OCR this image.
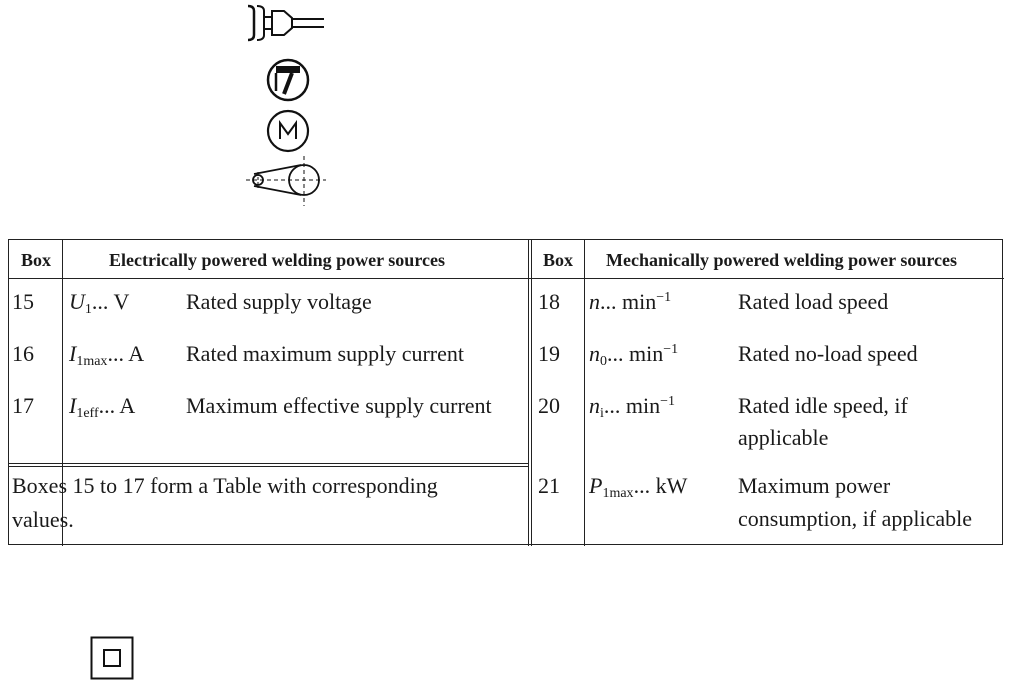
Box	Electrically powered welding power sources	Box Mechanically powered welding power sources
15 $U_1$... V	Rated supply voltage
16 $I_{1max}$... A Rated maximum supply current
17 $I_{1eff}$... A Maximum effective supply current
Boxes 15 to 17 form a Table with corresponding
values.
18 n... $\min^{-1}$	Rated load speed
19 $n_0$... $\min^{-1}$	Rated no-load speed
20 $n_i$... $\min^{-1}$	Rated idle speed, if
applicable
21 $P_{1max}$... kW Maximum power
consumption, if applicable
